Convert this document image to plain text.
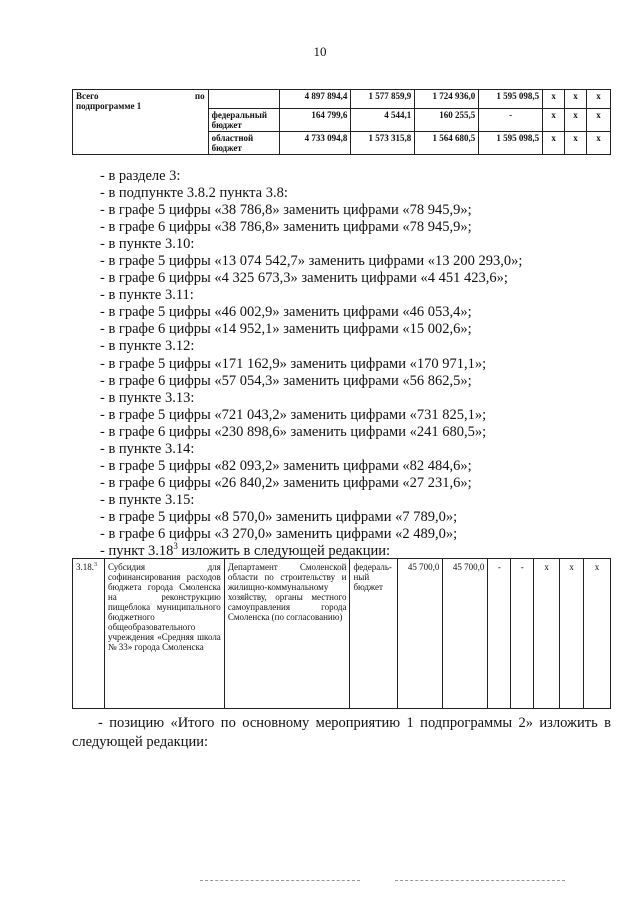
10
Всего по
подпрограмме 1		4 897 894,4	1 577 859,9	1 724 936,0	1 595 098,5	x	x	x
	федеральный бюджет	164 799,6	4 544,1	160 255,5	-	x	x	x
	областной бюджет	4 733 094,8	1 573 315,8	1 564 680,5	1 595 098,5	x	x	x
- в разделе 3:
- в подпункте 3.8.2 пункта 3.8:
- в графе 5 цифры «38 786,8» заменить цифрами «78 945,9»;
- в графе 6 цифры «38 786,8» заменить цифрами «78 945,9»;
- в пункте 3.10:
- в графе 5 цифры «13 074 542,7» заменить цифрами «13 200 293,0»;
- в графе 6 цифры «4 325 673,3» заменить цифрами «4 451 423,6»;
- в пункте 3.11:
- в графе 5 цифры «46 002,9» заменить цифрами «46 053,4»;
- в графе 6 цифры «14 952,1» заменить цифрами «15 002,6»;
- в пункте 3.12:
- в графе 5 цифры «171 162,9» заменить цифрами «170 971,1»;
- в графе 6 цифры «57 054,3» заменить цифрами «56 862,5»;
- в пункте 3.13:
- в графе 5 цифры «721 043,2» заменить цифрами «731 825,1»;
- в графе 6 цифры «230 898,6» заменить цифрами «241 680,5»;
- в пункте 3.14:
- в графе 5 цифры «82 093,2» заменить цифрами «82 484,6»;
- в графе 6 цифры «26 840,2» заменить цифрами «27 231,6»;
- в пункте 3.15:
- в графе 5 цифры «8 570,0» заменить цифрами «7 789,0»;
- в графе 6 цифры «3 270,0» заменить цифрами «2 489,0»;
- пункт 3.18$^3$ изложить в следующей редакции:
3.18.$^3$	Субсидия для софинансирования расходов бюджета города Смоленска на реконструкцию пищеблока муниципального бюджетного общеобразовательного учреждения «Средняя школа № 33» города Смоленска	Департамент Смоленской области по строительству и жилищно-коммунальному хозяйству, органы местного самоуправления города Смоленска (по согласованию)	федераль-ный бюджет	45 700,0	45 700,0	-	-	x	x	x
- позицию «Итого по основному мероприятию 1 подпрограммы 2» изложить в следующей редакции:
